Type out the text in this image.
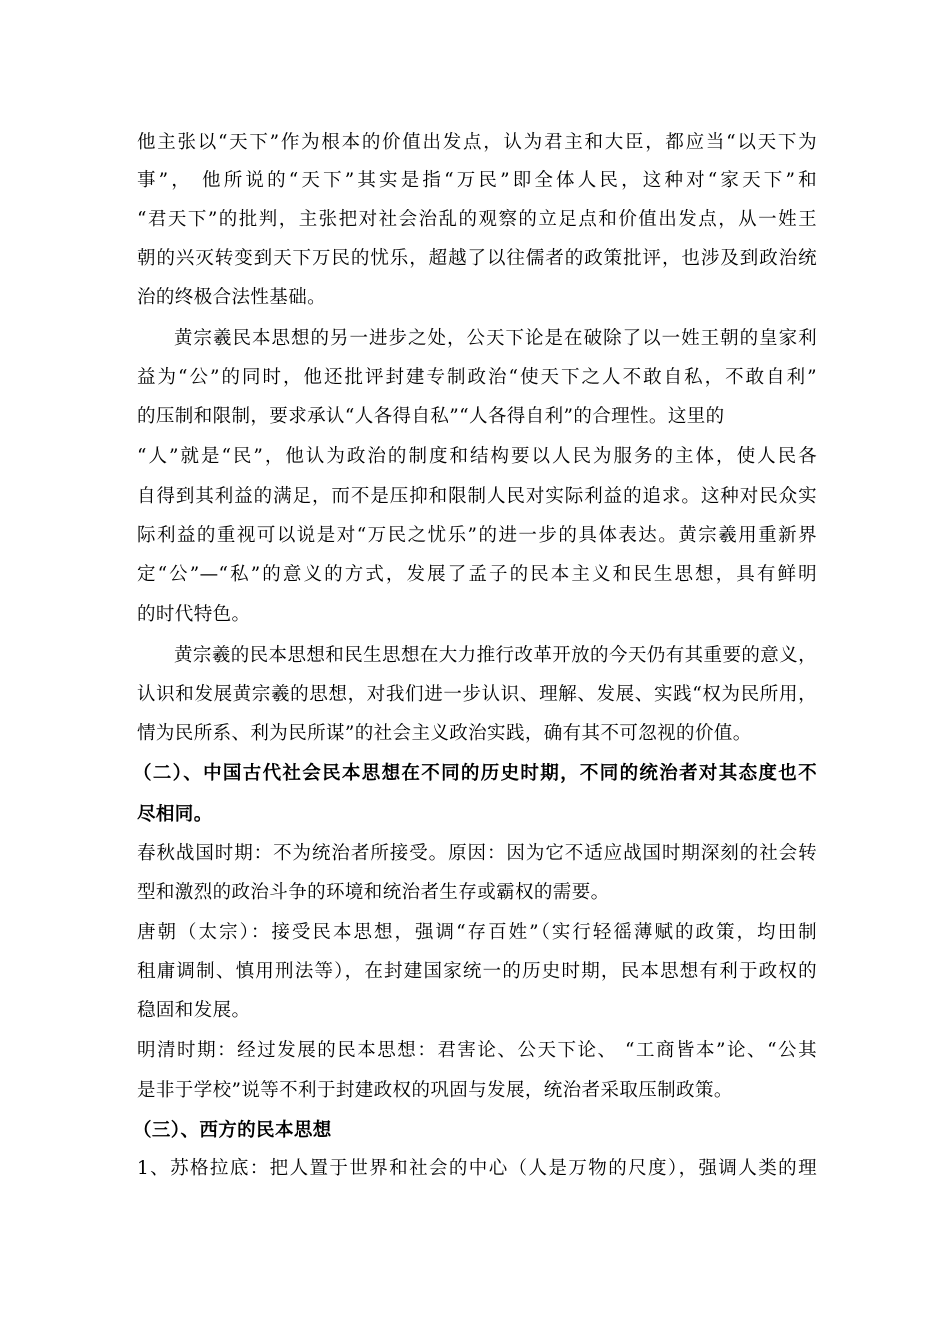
他主张以“天下”作为根本的价值出发点，认为君主和大臣，都应当“以天下为
事”， 他所说的“天下”其实是指“万民”即全体人民，这种对“家天下”和
“君天下”的批判，主张把对社会治乱的观察的立足点和价值出发点，从一姓王
朝的兴灭转变到天下万民的忧乐，超越了以往儒者的政策批评，也涉及到政治统
治的终极合法性基础。
黄宗羲民本思想的另一进步之处，公天下论是在破除了以一姓王朝的皇家利
益为“公”的同时，他还批评封建专制政治“使天下之人不敢自私，不敢自利”
的压制和限制，要求承认“人各得自私”“人各得自利”的合理性。这里的
“人”就是“民”，他认为政治的制度和结构要以人民为服务的主体，使人民各
自得到其利益的满足，而不是压抑和限制人民对实际利益的追求。这种对民众实
际利益的重视可以说是对“万民之忧乐”的进一步的具体表达。黄宗羲用重新界
定“公”—“私”的意义的方式，发展了孟子的民本主义和民生思想，具有鲜明
的时代特色。
黄宗羲的民本思想和民生思想在大力推行改革开放的今天仍有其重要的意义，
认识和发展黄宗羲的思想，对我们进一步认识、理解、发展、实践“权为民所用，
情为民所系、利为民所谋”的社会主义政治实践，确有其不可忽视的价值。
（二）、中国古代社会民本思想在不同的历史时期，不同的统治者对其态度也不
尽相同。
春秋战国时期：不为统治者所接受。原因：因为它不适应战国时期深刻的社会转
型和激烈的政治斗争的环境和统治者生存或霸权的需要。
唐朝（太宗）：接受民本思想，强调“存百姓”（实行轻徭薄赋的政策，均田制
租庸调制、慎用刑法等），在封建国家统一的历史时期，民本思想有利于政权的
稳固和发展。
明清时期：经过发展的民本思想：君害论、公天下论、 “工商皆本”论、“公其
是非于学校”说等不利于封建政权的巩固与发展，统治者采取压制政策。
（三）、西方的民本思想
1、苏格拉底：把人置于世界和社会的中心（人是万物的尺度），强调人类的理
